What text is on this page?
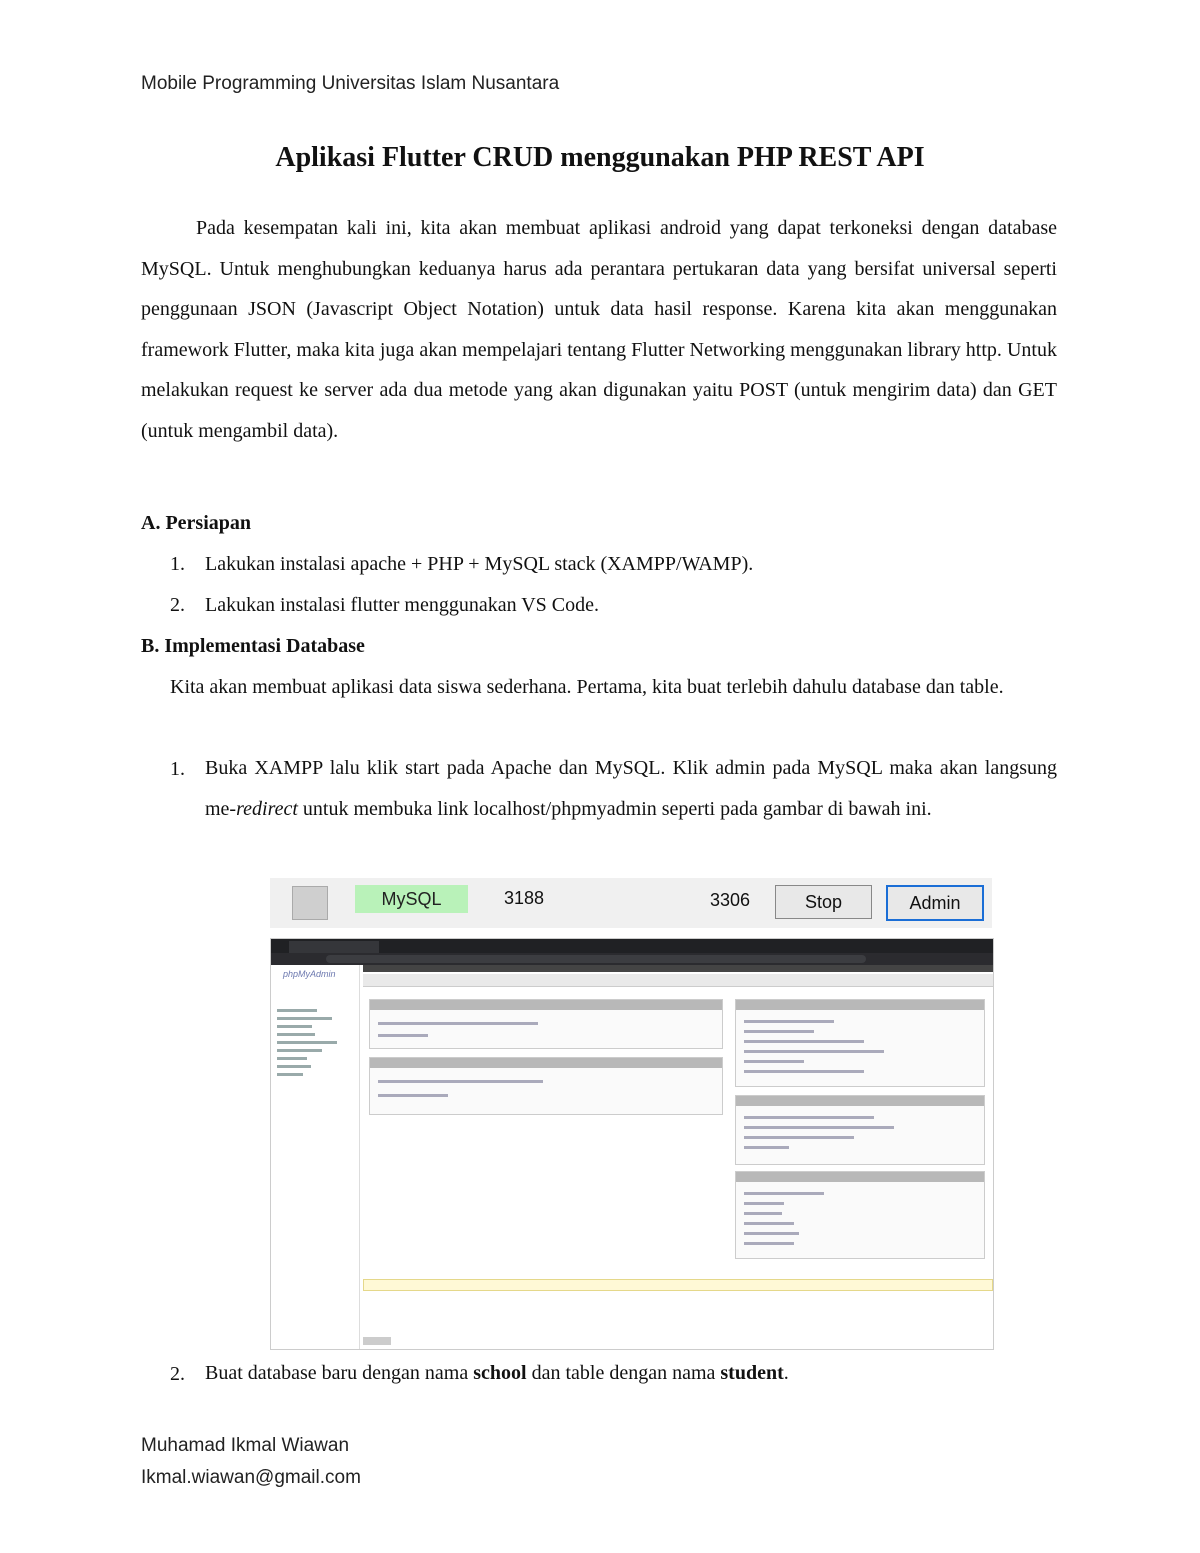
Mobile Programming Universitas Islam Nusantara
Aplikasi Flutter CRUD menggunakan PHP REST API
Pada kesempatan kali ini, kita akan membuat aplikasi android yang dapat terkoneksi dengan database MySQL. Untuk menghubungkan keduanya harus ada perantara pertukaran data yang bersifat universal seperti penggunaan JSON (Javascript Object Notation) untuk data hasil response. Karena kita akan menggunakan framework Flutter, maka kita juga akan mempelajari tentang Flutter Networking menggunakan library http. Untuk melakukan request ke server ada dua metode yang akan digunakan yaitu POST (untuk mengirim data) dan GET (untuk mengambil data).
A. Persiapan
1. Lakukan instalasi apache + PHP + MySQL stack (XAMPP/WAMP).
2. Lakukan instalasi flutter menggunakan VS Code.
B. Implementasi Database
Kita akan membuat aplikasi data siswa sederhana. Pertama, kita buat terlebih dahulu database dan table.
1. Buka XAMPP lalu klik start pada Apache dan MySQL. Klik admin pada MySQL maka akan langsung me-redirect untuk membuka link localhost/phpmyadmin seperti pada gambar di bawah ini.
MySQL	3188	3306	Stop	Admin
phpMyAdmin
2. Buat database baru dengan nama school dan table dengan nama student.
Muhamad Ikmal Wiawan
Ikmal.wiawan@gmail.com
